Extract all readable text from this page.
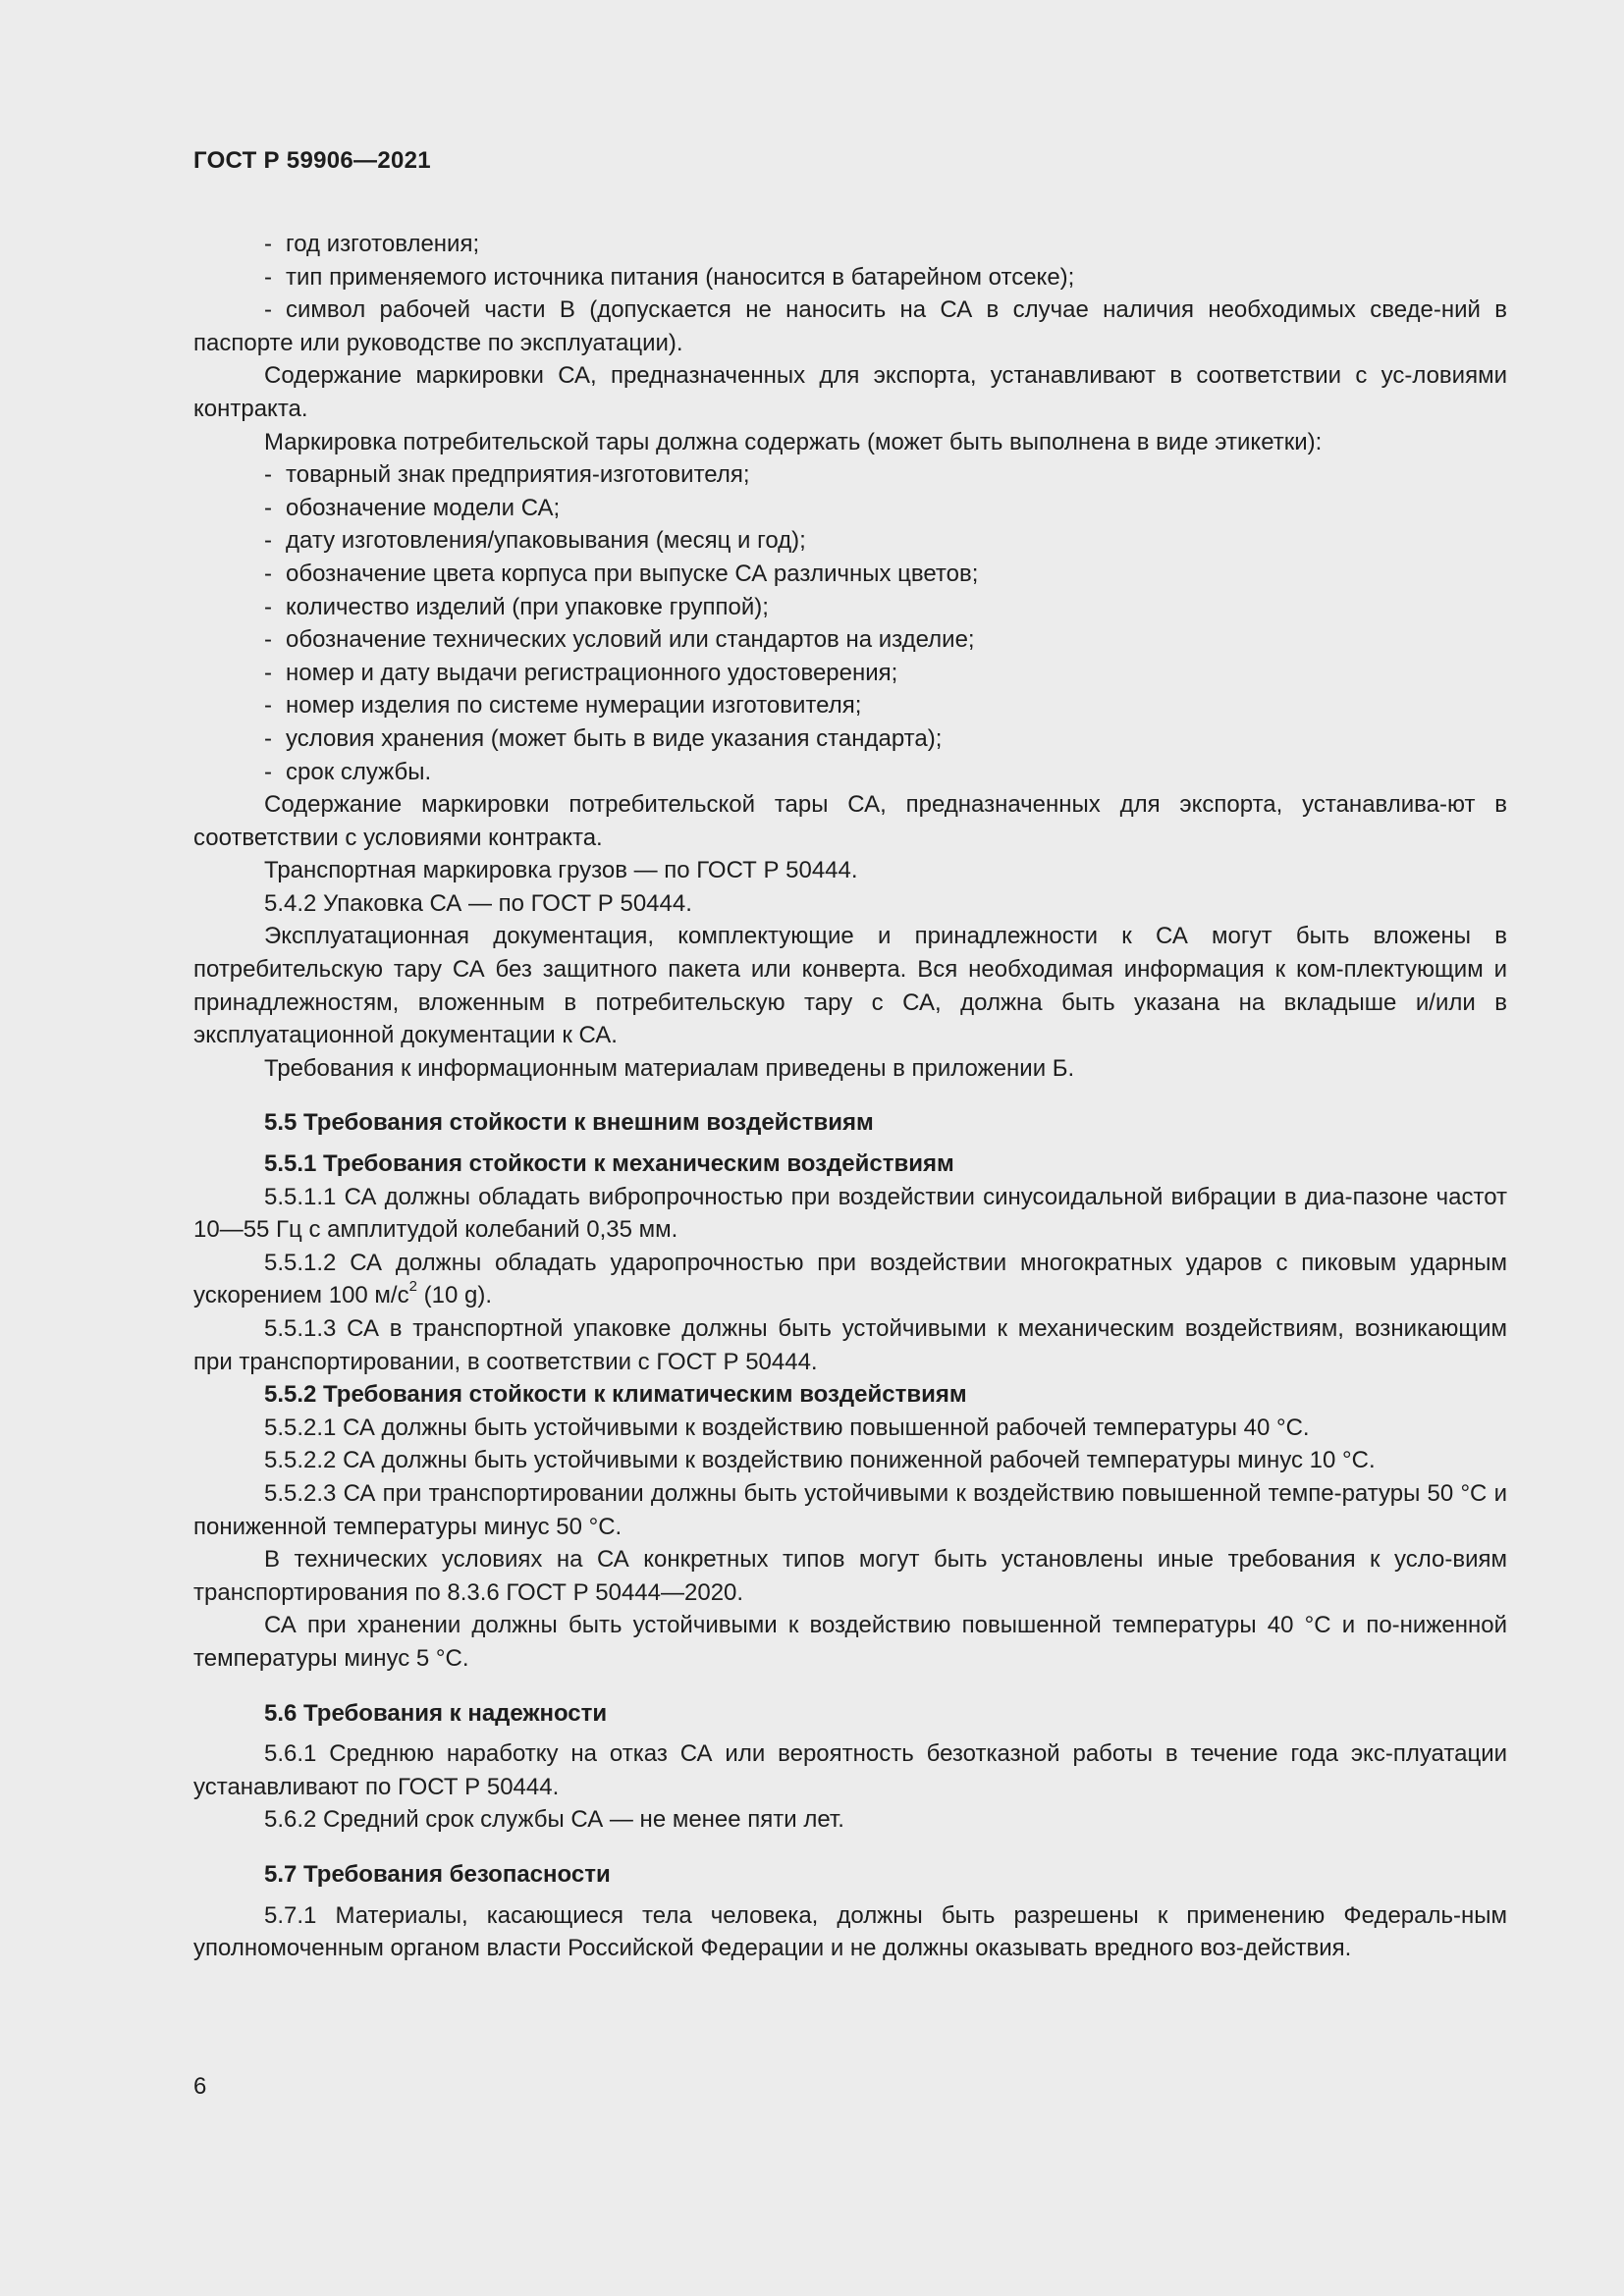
ГОСТ Р 59906—2021

- год изготовления;

- тип применяемого источника питания (наносится в батарейном отсеке);

- символ рабочей части В (допускается не наносить на СА в случае наличия необходимых сведе-ний в паспорте или руководстве по эксплуатации).

Содержание маркировки СА, предназначенных для экспорта, устанавливают в соответствии с ус-ловиями контракта.

Маркировка потребительской тары должна содержать (может быть выполнена в виде этикетки):

- товарный знак предприятия-изготовителя;

- обозначение модели СА;

- дату изготовления/упаковывания (месяц и год);

- обозначение цвета корпуса при выпуске СА различных цветов;

- количество изделий (при упаковке группой);

- обозначение технических условий или стандартов на изделие;

- номер и дату выдачи регистрационного удостоверения;

- номер изделия по системе нумерации изготовителя;

- условия хранения (может быть в виде указания стандарта);

- срок службы.

Содержание маркировки потребительской тары СА, предназначенных для экспорта, устанавлива-ют в соответствии с условиями контракта.

Транспортная маркировка грузов — по ГОСТ Р 50444.

5.4.2 Упаковка СА — по ГОСТ Р 50444.

Эксплуатационная документация, комплектующие и принадлежности к СА могут быть вложены в потребительскую тару СА без защитного пакета или конверта. Вся необходимая информация к ком-плектующим и принадлежностям, вложенным в потребительскую тару с СА, должна быть указана на вкладыше и/или в эксплуатационной документации к СА.

Требования к информационным материалам приведены в приложении Б.

5.5 Требования стойкости к внешним воздействиям

5.5.1 Требования стойкости к механическим воздействиям

5.5.1.1 СА должны обладать вибропрочностью при воздействии синусоидальной вибрации в диа-пазоне частот 10—55 Гц с амплитудой колебаний 0,35 мм.

5.5.1.2 СА должны обладать ударопрочностью при воздействии многократных ударов с пиковым ударным ускорением 100 $м/с^2$ (10 g).

5.5.1.3 СА в транспортной упаковке должны быть устойчивыми к механическим воздействиям, возникающим при транспортировании, в соответствии с ГОСТ Р 50444.

5.5.2 Требования стойкости к климатическим воздействиям

5.5.2.1 СА должны быть устойчивыми к воздействию повышенной рабочей температуры 40 °С.

5.5.2.2 СА должны быть устойчивыми к воздействию пониженной рабочей температуры минус 10 °С.

5.5.2.3 СА при транспортировании должны быть устойчивыми к воздействию повышенной темпе-ратуры 50 °С и пониженной температуры минус 50 °С.

В технических условиях на СА конкретных типов могут быть установлены иные требования к усло-виям транспортирования по 8.3.6 ГОСТ Р 50444—2020.

СА при хранении должны быть устойчивыми к воздействию повышенной температуры 40 °С и по-ниженной температуры минус 5 °С.

5.6 Требования к надежности

5.6.1 Среднюю наработку на отказ СА или вероятность безотказной работы в течение года экс-плуатации устанавливают по ГОСТ Р 50444.

5.6.2 Средний срок службы СА — не менее пяти лет.

5.7 Требования безопасности

5.7.1 Материалы, касающиеся тела человека, должны быть разрешены к применению Федераль-ным уполномоченным органом власти Российской Федерации и не должны оказывать вредного воз-действия.

6
